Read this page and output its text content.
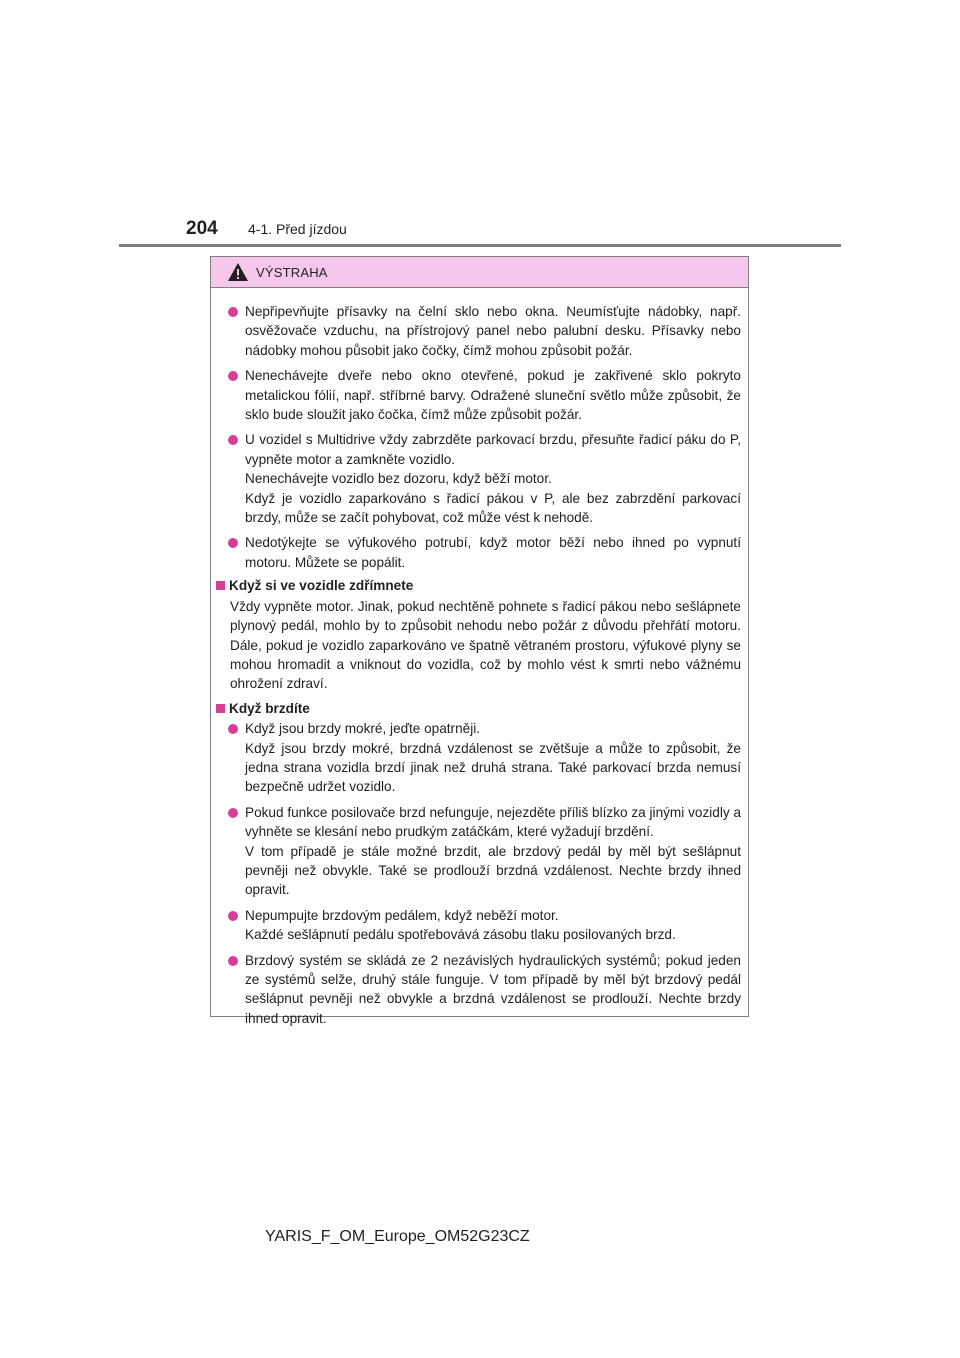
204 4-1. Před jízdou
VÝSTRAHA

Nepřipevňujte přísavky na čelní sklo nebo okna. Neumísťujte nádobky, např. osvěžovače vzduchu, na přístrojový panel nebo palubní desku. Přísavky nebo nádobky mohou působit jako čočky, čímž mohou způsobit požár.

Nenechávejte dveře nebo okno otevřené, pokud je zakřivené sklo pokryto metalickou fólií, např. stříbrné barvy. Odražené sluneční světlo může způsobit, že sklo bude sloužit jako čočka, čímž může způsobit požár.

U vozidel s Multidrive vždy zabrzděte parkovací brzdu, přesuňte řadicí páku do P, vypněte motor a zamkněte vozidlo.

Nenechávejte vozidlo bez dozoru, když běží motor.

Když je vozidlo zaparkováno s řadicí pákou v P, ale bez zabrzdění parkovací brzdy, může se začít pohybovat, což může vést k nehodě.

Nedotýkejte se výfukového potrubí, když motor běží nebo ihned po vypnutí motoru. Můžete se popálit.

Když si ve vozidle zdřímnete

Vždy vypněte motor. Jinak, pokud nechtěně pohnete s řadicí pákou nebo sešlápnete plynový pedál, mohlo by to způsobit nehodu nebo požár z důvodu přehřátí motoru. Dále, pokud je vozidlo zaparkováno ve špatně větraném prostoru, výfukové plyny se mohou hromadit a vniknout do vozidla, což by mohlo vést k smrti nebo vážnému ohrožení zdraví.

Když brzdíte

Když jsou brzdy mokré, jeďte opatrněji.

Když jsou brzdy mokré, brzdná vzdálenost se zvětšuje a může to způsobit, že jedna strana vozidla brzdí jinak než druhá strana. Také parkovací brzda nemusí bezpečně udržet vozidlo.

Pokud funkce posilovače brzd nefunguje, nejezděte příliš blízko za jinými vozidly a vyhněte se klesání nebo prudkým zatáčkám, které vyžadují brzdění.

V tom případě je stále možné brzdit, ale brzdový pedál by měl být sešlápnut pevněji než obvykle. Také se prodlouží brzdná vzdálenost. Nechte brzdy ihned opravit.

Nepumpujte brzdovým pedálem, když neběží motor.

Každé sešlápnutí pedálu spotřebovává zásobu tlaku posilovaných brzd.

Brzdový systém se skládá ze 2 nezávislých hydraulických systémů; pokud jeden ze systémů selže, druhý stále funguje. V tom případě by měl být brzdový pedál sešlápnut pevněji než obvykle a brzdná vzdálenost se prodlouží. Nechte brzdy ihned opravit.

YARIS_F_OM_Europe_OM52G23CZ
